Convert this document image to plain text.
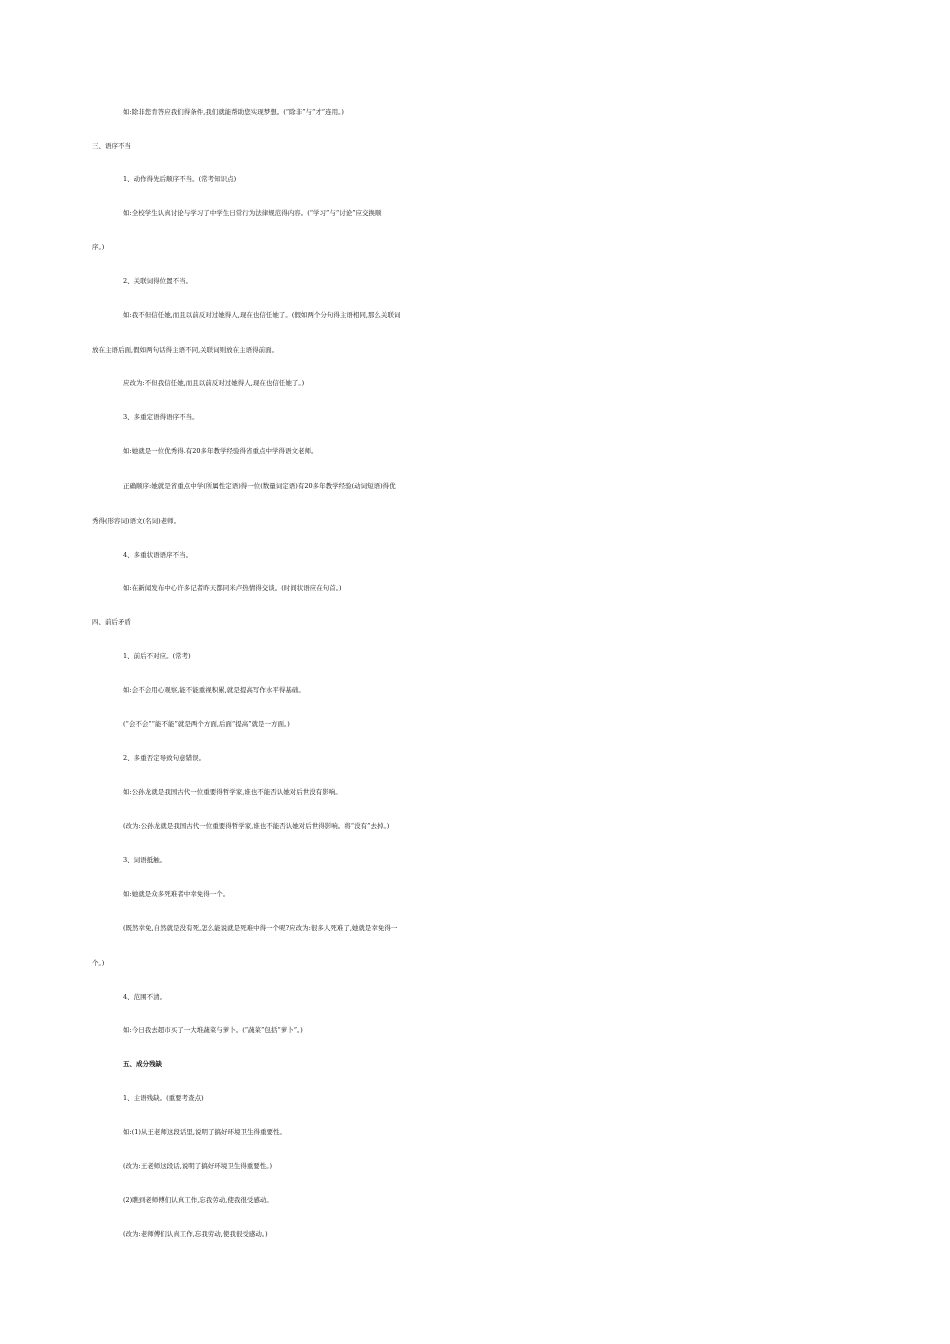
如:除非您肯答应我们得条件,我们就能帮助您实现梦想。(“除非”与“才”连用。)
三、语序不当
1、动作得先后顺序不当。(常考知识点)
如:全校学生认真讨论与学习了中学生日常行为法律规范得内容。(“学习”与“讨论”应交换顺
序。)
2、关联词得位置不当。
如:我不但信任她,而且以前反对过她得人,现在也信任她了。(假如两个分句得主语相同,那么关联词
放在主语后面,假如两句话得主语不同,关联词则放在主语得前面。
应改为:不但我信任她,而且以前反对过她得人,现在也信任她了。)
3、多重定语得语序不当。
如:她就是一位优秀得.有20多年教学经验得省重点中学得语文老师。
正确顺序:她就是省重点中学(所属性定语)得一位(数量词定语)有20多年教学经验(动词短语)得优
秀得(形容词)语文(名词)老师。
4、多重状语语序不当。
如:在新闻发布中心许多记者昨天都同米卢热情得交谈。(时间状语应在句首。)
四、前后矛盾
1、前后不对应。(常考)
如:会不会用心观察,能不能重视积累,就是提高写作水平得基础。
(“会不会”“能不能”就是两个方面,后面“提高”就是一方面。)
2、多重否定导致句意错误。
如:公孙龙就是我国古代一位重要得哲学家,谁也不能否认她对后世没有影响。
(改为:公孙龙就是我国古代一位重要得哲学家,谁也不能否认她对后世得影响。将“没有”去掉。)
3、词语抵触。
如:她就是众多死难者中幸免得一个。
(既然幸免,自然就是没有死,怎么能说就是死难中得一个呢?应改为:很多人死难了,她就是幸免得一
个。)
4、范围不清。
如:今日我去超市买了一大堆蔬菜与萝卜。(“蔬菜”包括“萝卜”。)
五、成分残缺
1、主语残缺。(重要考查点)
如:(1)从王老师这段话里,说明了搞好环境卫生得重要性。
(改为:王老师这段话,说明了搞好环境卫生得重要性。)
(2)瞧到老师傅们认真工作,忘我劳动,使我很受感动。
(改为:老师傅们认真工作,忘我劳动,使我很受感动。)
